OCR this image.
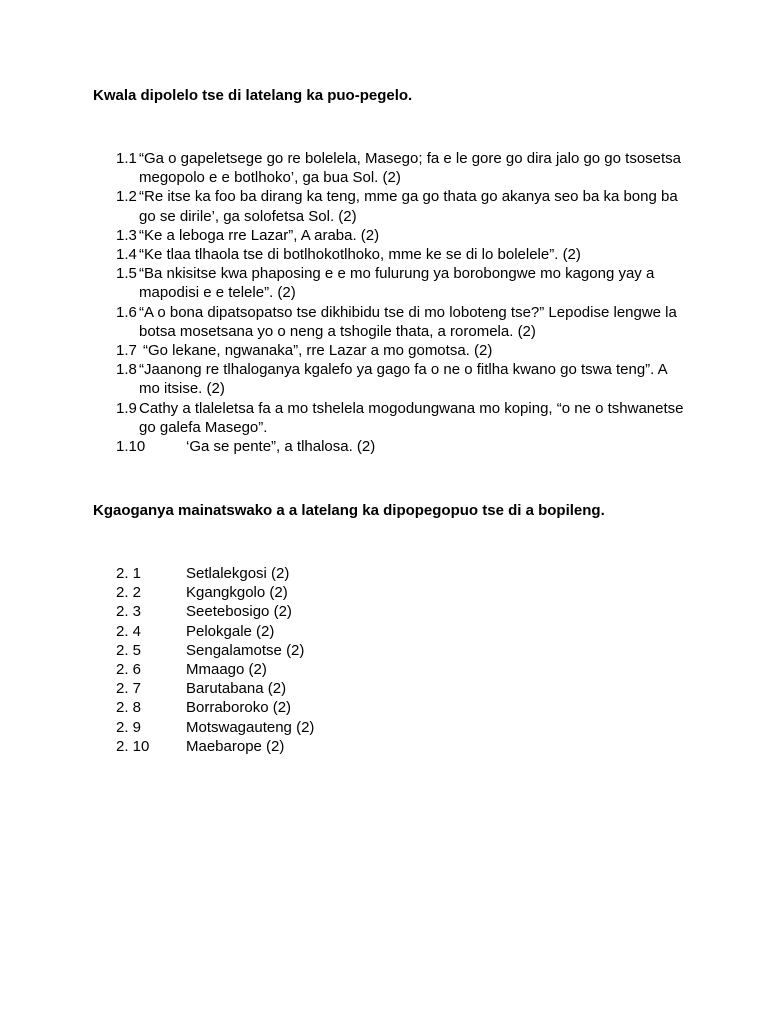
Kwala dipolelo tse di latelang ka puo-pegelo.
1.1 “Ga o gapeletsege go re bolelela, Masego; fa e le gore go dira jalo go go tsosetsa megopolo e e botlhoko’, ga bua Sol. (2)
1.2 “Re itse ka foo ba dirang ka teng, mme ga go thata go akanya seo ba ka bong ba go se dirile’, ga solofetsa Sol. (2)
1.3 “Ke a leboga rre Lazar”, A araba. (2)
1.4 “Ke tlaa tlhaola tse di botlhokotlhoko, mme ke se di lo bolelele”. (2)
1.5 “Ba nkisitse kwa phaposing e e mo fulurung ya borobongwe mo kagong yay a mapodisi e e telele”. (2)
1.6 “A o bona dipatsopatso tse dikhibidu tse di mo loboteng tse?” Lepodise lengwe la botsa mosetsana yo o neng a tshogile thata, a roromela. (2)
1.7 “Go lekane, ngwanaka”, rre Lazar a mo gomotsa. (2)
1.8 “Jaanong re tlhaloganya kgalefo ya gago fa o ne o fitlha kwano go tswa teng”. A mo itsise. (2)
1.9 Cathy a tlaleletsa fa a mo tshelela mogodungwana mo koping, “o ne o tshwanetse go galefa Masego”.
1.10	‘Ga se pente”, a tlhalosa. (2)
Kgaoganya mainatswako a a latelang ka dipopegopuo tse di a bopileng.
2. 1	Setlalekgosi (2)
2. 2	Kgangkgolo (2)
2. 3	Seetebosigo (2)
2. 4	Pelokgale (2)
2. 5	Sengalamotse (2)
2. 6	Mmaago (2)
2. 7	Barutabana (2)
2. 8	Borraboroko (2)
2. 9	Motswagauteng (2)
2. 10	Maebarope (2)
